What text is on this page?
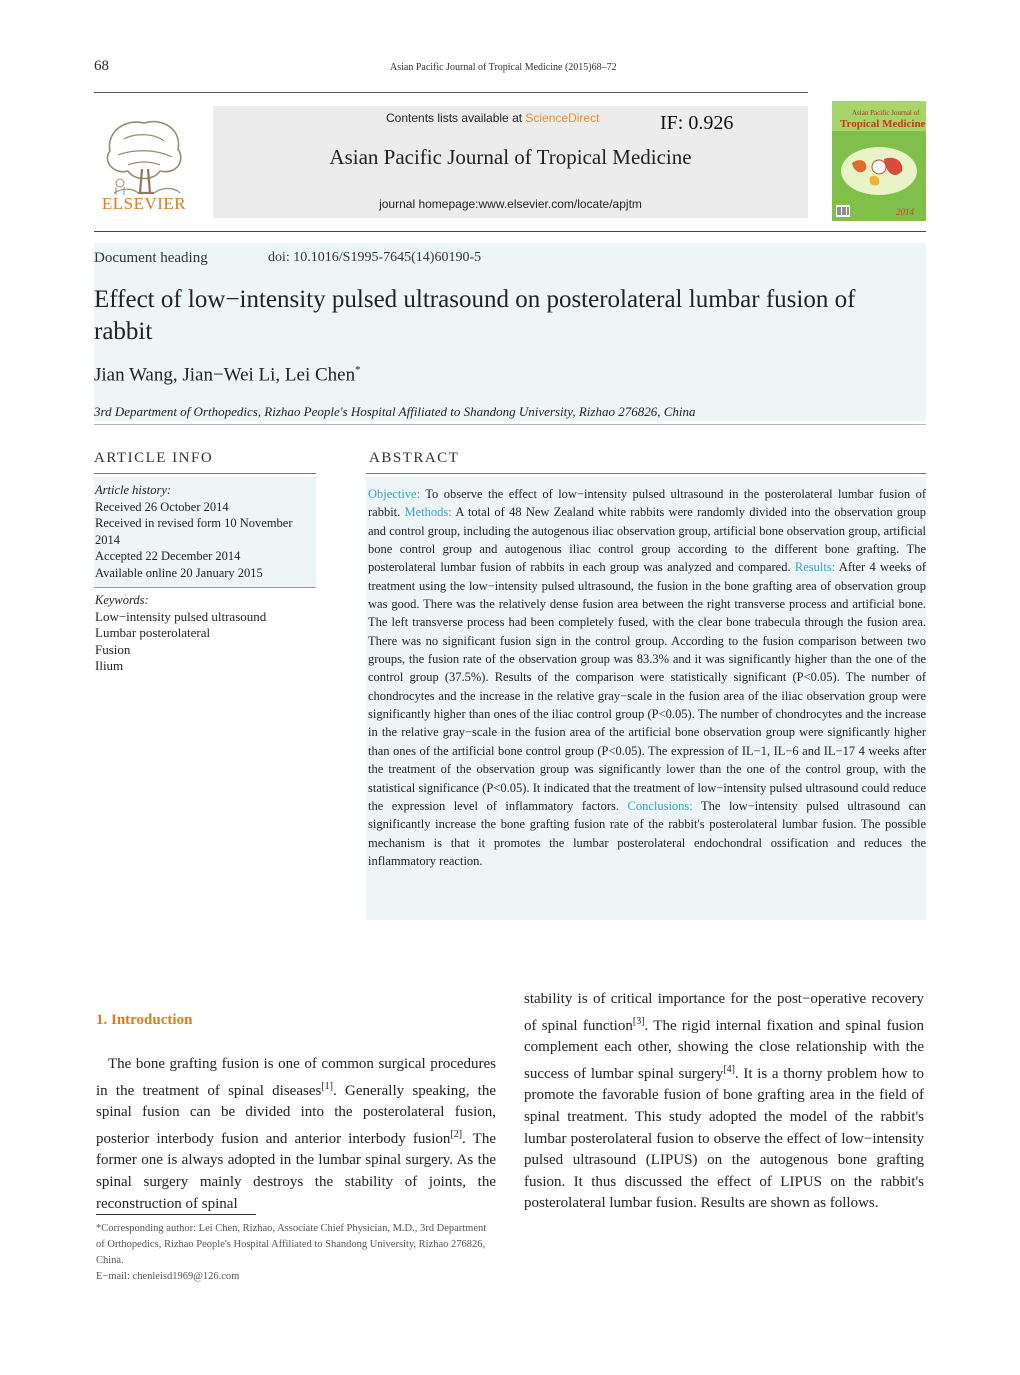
68	Asian Pacific Journal of Tropical Medicine (2015)68–72
ELSEVIER
Contents lists available at ScienceDirect	IF: 0.926
Asian Pacific Journal of Tropical Medicine
journal homepage:www.elsevier.com/locate/apjtm
Asian Pacific Journal of
Tropical Medicine
2014
Document heading	doi: 10.1016/S1995-7645(14)60190-5
Effect of low−intensity pulsed ultrasound on posterolateral lumbar fusion of rabbit
Jian Wang, Jian−Wei Li, Lei Chen*
3rd Department of Orthopedics, Rizhao People's Hospital Affiliated to Shandong University, Rizhao 276826, China
ARTICLE INFO
Article history:
Received 26 October 2014
Received in revised form 10 November 2014
Accepted 22 December 2014
Available online 20 January 2015
Keywords:
Low−intensity pulsed ultrasound
Lumbar posterolateral
Fusion
Ilium
ABSTRACT
Objective: To observe the effect of low−intensity pulsed ultrasound in the posterolateral lumbar fusion of rabbit. Methods: A total of 48 New Zealand white rabbits were randomly divided into the observation group and control group, including the autogenous iliac observation group, artificial bone observation group, artificial bone control group and autogenous iliac control group according to the different bone grafting. The posterolateral lumbar fusion of rabbits in each group was analyzed and compared. Results: After 4 weeks of treatment using the low−intensity pulsed ultrasound, the fusion in the bone grafting area of observation group was good. There was the relatively dense fusion area between the right transverse process and artificial bone. The left transverse process had been completely fused, with the clear bone trabecula through the fusion area. There was no significant fusion sign in the control group. According to the fusion comparison between two groups, the fusion rate of the observation group was 83.3% and it was significantly higher than the one of the control group (37.5%). Results of the comparison were statistically significant (P<0.05). The number of chondrocytes and the increase in the relative gray−scale in the fusion area of the iliac observation group were significantly higher than ones of the iliac control group (P<0.05). The number of chondrocytes and the increase in the relative gray−scale in the fusion area of the artificial bone observation group were significantly higher than ones of the artificial bone control group (P<0.05). The expression of IL−1, IL−6 and IL−17 4 weeks after the treatment of the observation group was significantly lower than the one of the control group, with the statistical significance (P<0.05). It indicated that the treatment of low−intensity pulsed ultrasound could reduce the expression level of inflammatory factors. Conclusions: The low−intensity pulsed ultrasound can significantly increase the bone grafting fusion rate of the rabbit's posterolateral lumbar fusion. The possible mechanism is that it promotes the lumbar posterolateral endochondral ossification and reduces the inflammatory reaction.
1. Introduction
The bone grafting fusion is one of common surgical procedures in the treatment of spinal diseases[1]. Generally speaking, the spinal fusion can be divided into the posterolateral fusion, posterior interbody fusion and anterior interbody fusion[2]. The former one is always adopted in the lumbar spinal surgery. As the spinal surgery mainly destroys the stability of joints, the reconstruction of spinal
*Corresponding author: Lei Chen, Rizhao, Associate Chief Physician, M.D., 3rd Department of Orthopedics, Rizhao People's Hospital Affiliated to Shandong University, Rizhao 276826, China.
E−mail: chenleisd1969@126.com
stability is of critical importance for the post−operative recovery of spinal function[3]. The rigid internal fixation and spinal fusion complement each other, showing the close relationship with the success of lumbar spinal surgery[4]. It is a thorny problem how to promote the favorable fusion of bone grafting area in the field of spinal treatment. This study adopted the model of the rabbit's lumbar posterolateral fusion to observe the effect of low−intensity pulsed ultrasound (LIPUS) on the autogenous bone grafting fusion. It thus discussed the effect of LIPUS on the rabbit's posterolateral lumbar fusion. Results are shown as follows.
